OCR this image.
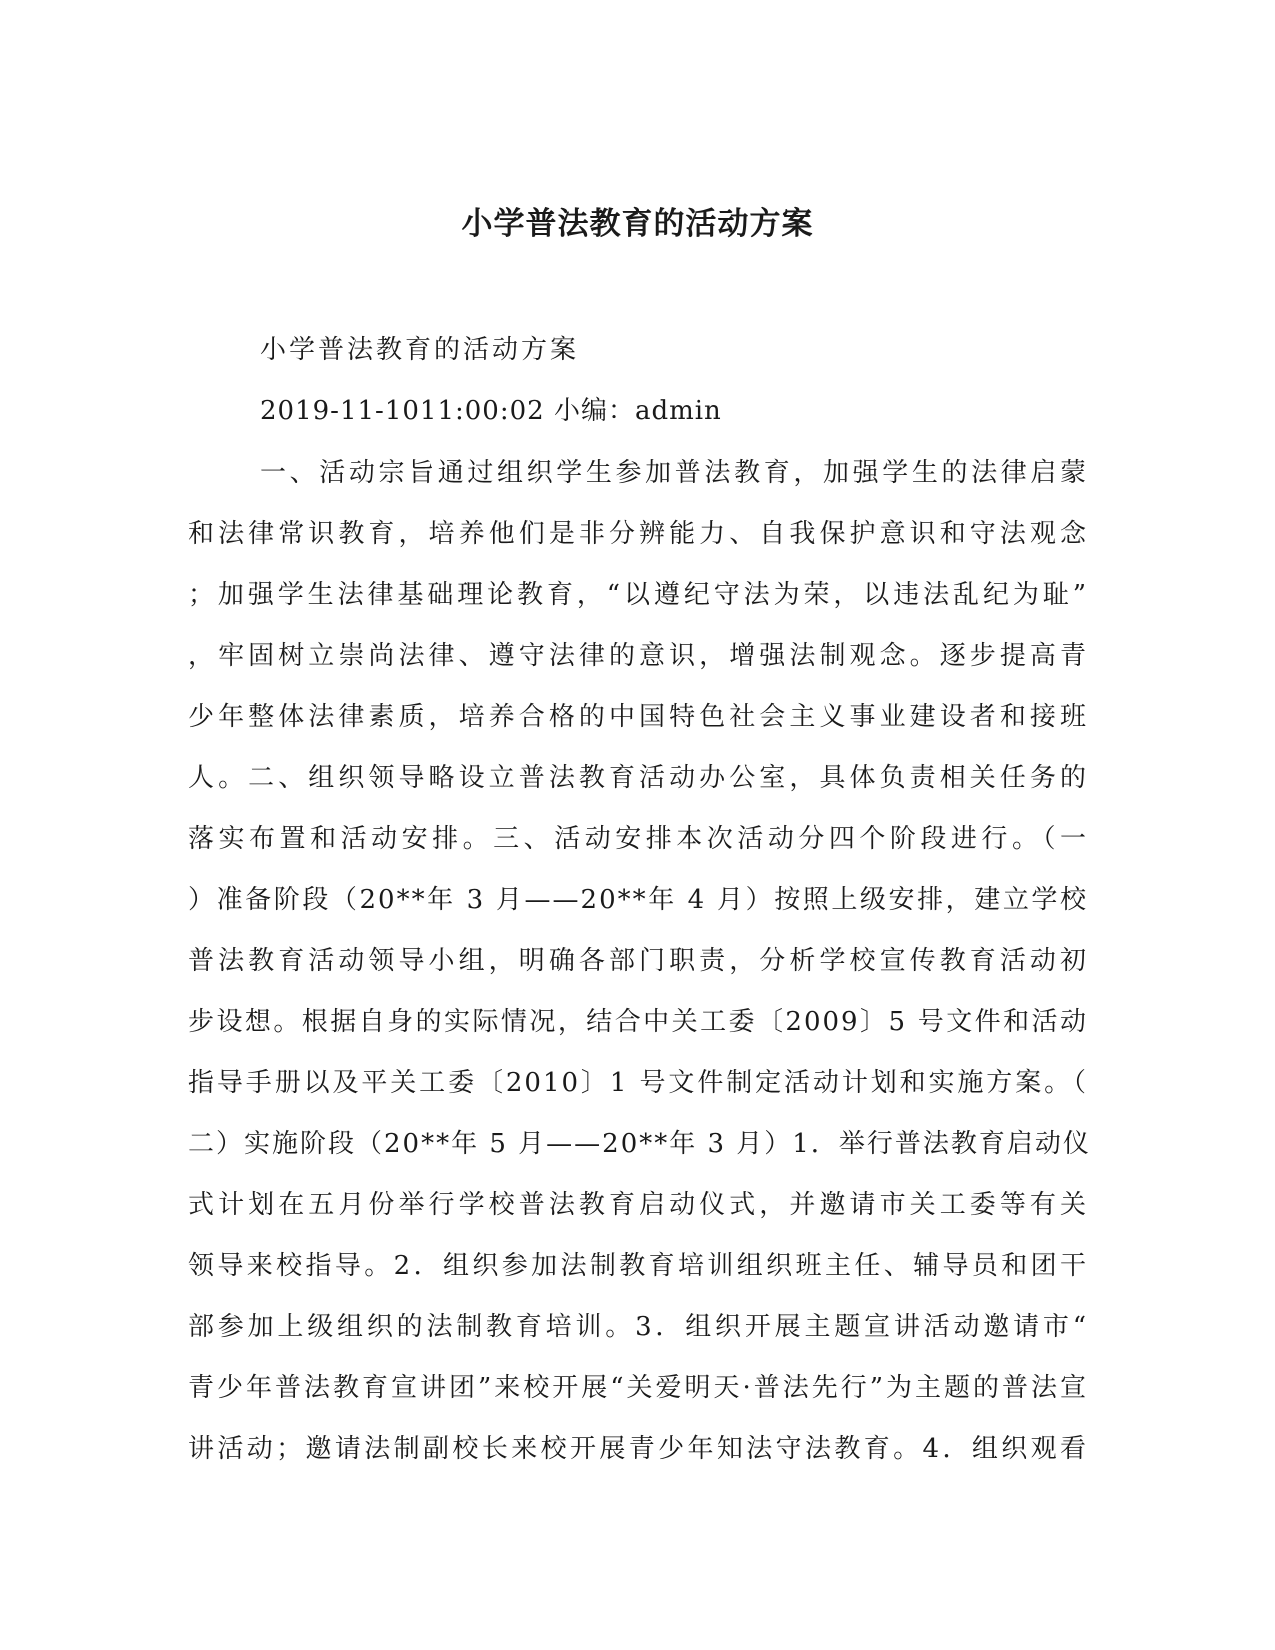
小学普法教育的活动方案

小学普法教育的活动方案

2019-11-1011:00:02 小编：admin

一、活动宗旨通过组织学生参加普法教育，加强学生的法律启蒙
和法律常识教育，培养他们是非分辨能力、自我保护意识和守法观念
；加强学生法律基础理论教育，“以遵纪守法为荣，以违法乱纪为耻”
，牢固树立崇尚法律、遵守法律的意识，增强法制观念。逐步提高青
少年整体法律素质，培养合格的中国特色社会主义事业建设者和接班
人。二、组织领导略设立普法教育活动办公室，具体负责相关任务的
落实布置和活动安排。三、活动安排本次活动分四个阶段进行。（一
）准备阶段（20**年 3 月——20**年 4 月）按照上级安排，建立学校
普法教育活动领导小组，明确各部门职责，分析学校宣传教育活动初
步设想。根据自身的实际情况，结合中关工委〔2009〕5 号文件和活动
指导手册以及平关工委〔2010〕1 号文件制定活动计划和实施方案。（
二）实施阶段（20**年 5 月——20**年 3 月）1．举行普法教育启动仪
式计划在五月份举行学校普法教育启动仪式，并邀请市关工委等有关
领导来校指导。2．组织参加法制教育培训组织班主任、辅导员和团干
部参加上级组织的法制教育培训。3．组织开展主题宣讲活动邀请市“
青少年普法教育宣讲团”来校开展“关爱明天·普法先行”为主题的普法宣
讲活动；邀请法制副校长来校开展青少年知法守法教育。4．组织观看
